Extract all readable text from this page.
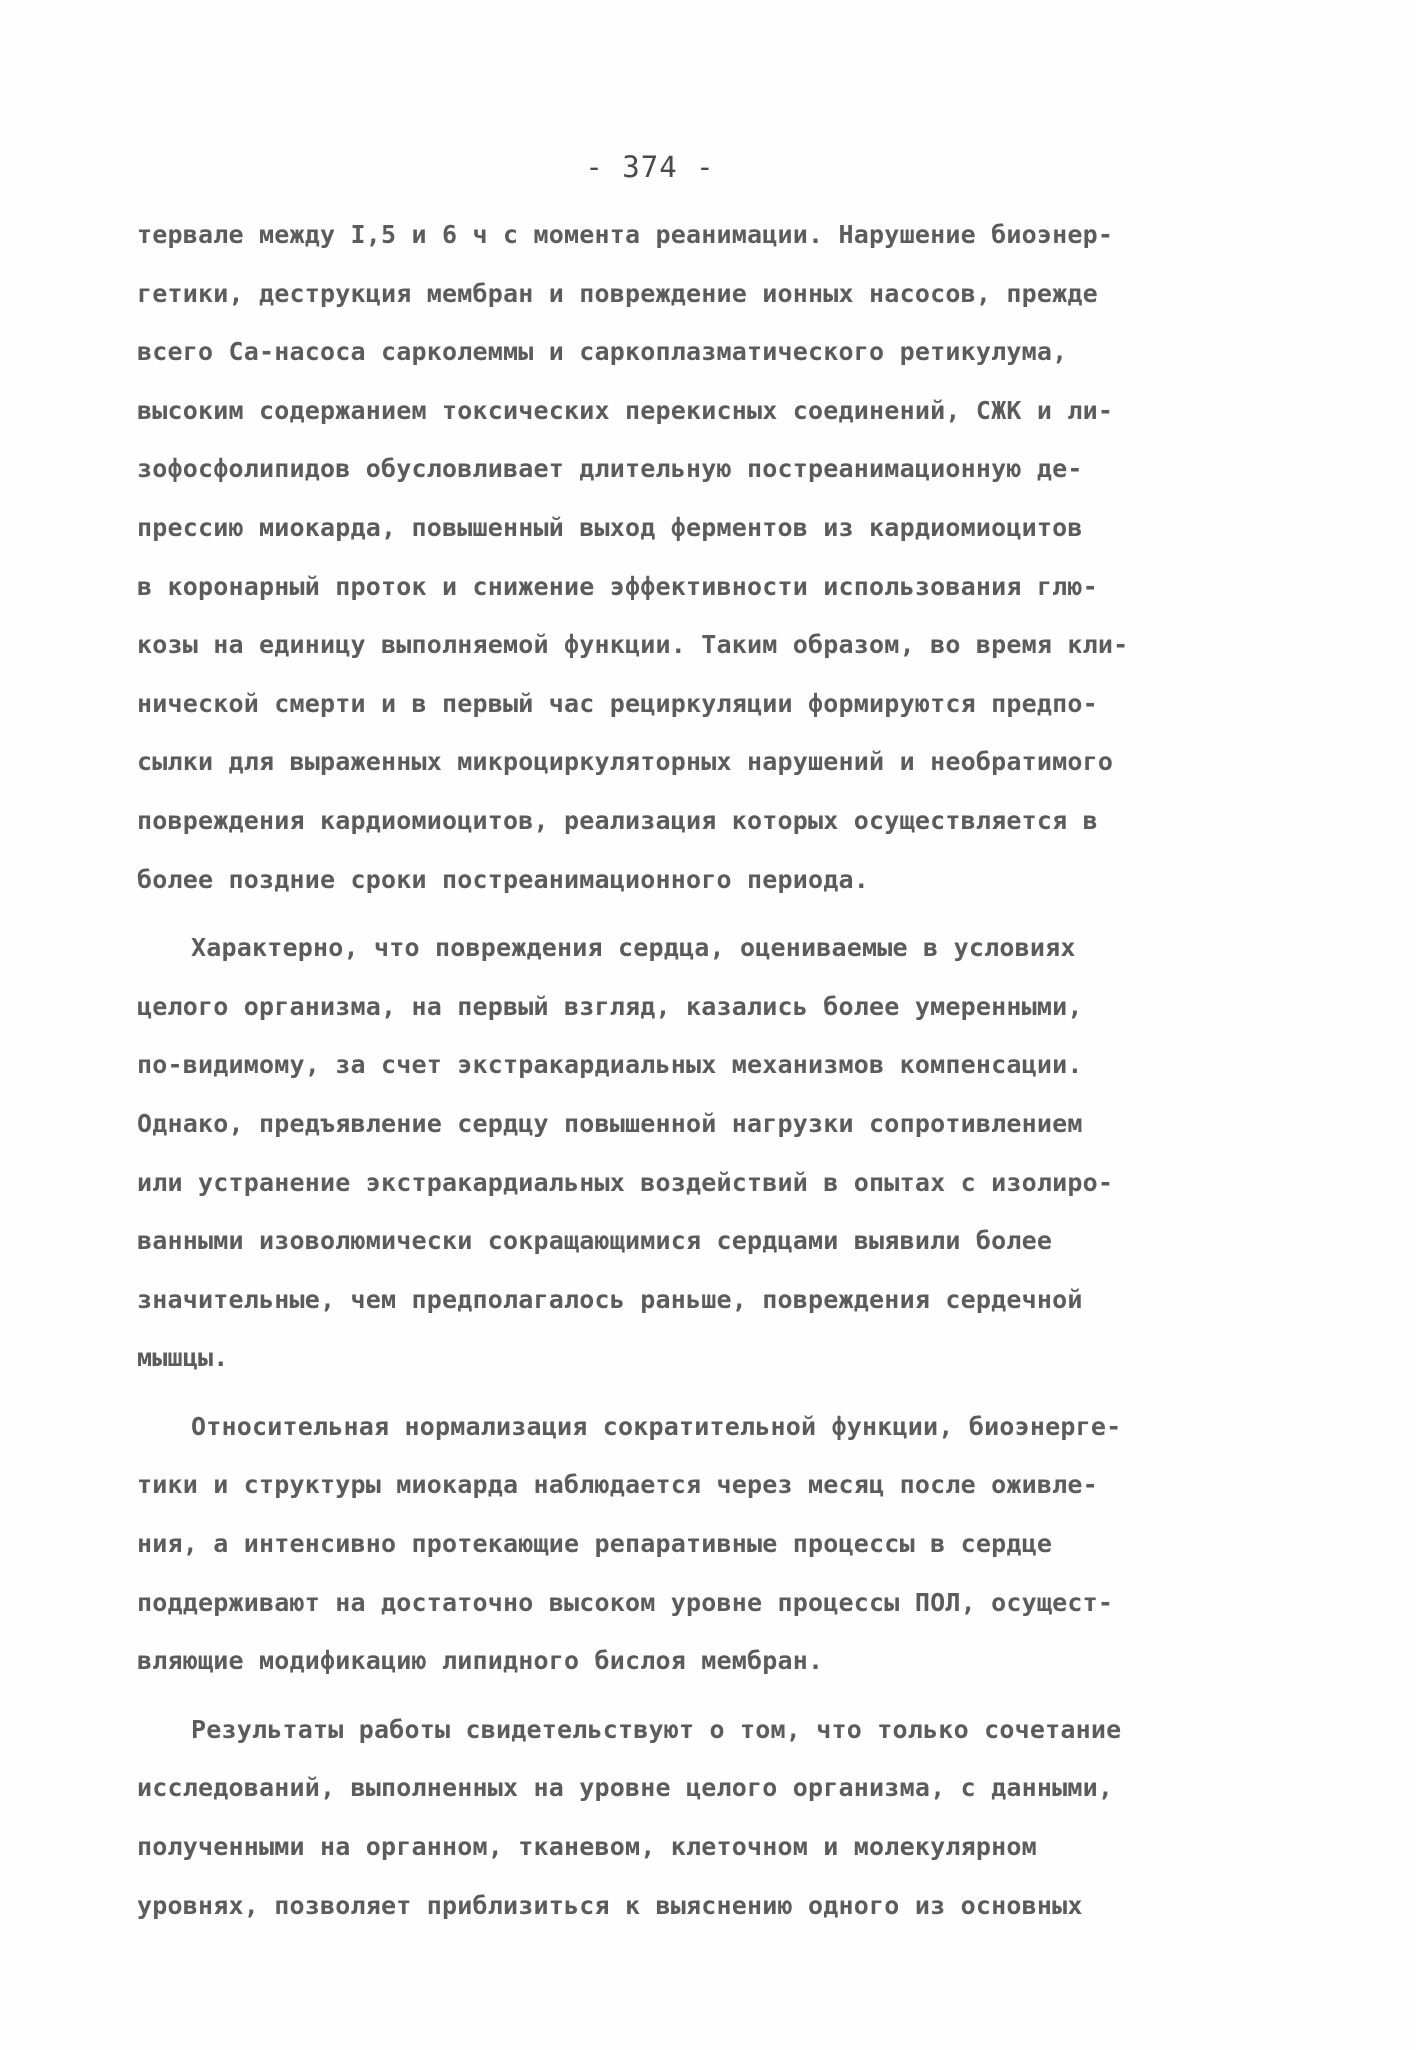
- 374 -
тервале между I,5 и 6 ч с момента реанимации. Нарушение биоэнер-
гетики, деструкция мембран и повреждение ионных насосов, прежде
всего Са-насоса сарколеммы и саркоплазматического ретикулума,
высоким содержанием токсических перекисных соединений, СЖК и ли-
зофосфолипидов обусловливает длительную постреанимационную де-
прессию миокарда, повышенный выход ферментов из кардиомиоцитов
в коронарный проток и снижение эффективности использования глю-
козы на единицу выполняемой функции. Таким образом, во время кли-
нической смерти и в первый час рециркуляции формируются предпо-
сылки для выраженных микроциркуляторных нарушений и необратимого
повреждения кардиомиоцитов, реализация которых осуществляется в
более поздние сроки постреанимационного периода.
Характерно, что повреждения сердца, оцениваемые в условиях
целого организма, на первый взгляд, казались более умеренными,
по-видимому, за счет экстракардиальных механизмов компенсации.
Однако, предъявление сердцу повышенной нагрузки сопротивлением
или устранение экстракардиальных воздействий в опытах с изолиро-
ванными изоволюмически сокращающимися сердцами выявили более
значительные, чем предполагалось раньше, повреждения сердечной
мышцы.
Относительная нормализация сократительной функции, биоэнерге-
тики и структуры миокарда наблюдается через месяц после оживле-
ния, а интенсивно протекающие репаративные процессы в сердце
поддерживают на достаточно высоком уровне процессы ПОЛ, осущест-
вляющие модификацию липидного бислоя мембран.
Результаты работы свидетельствуют о том, что только сочетание
исследований, выполненных на уровне целого организма, с данными,
полученными на органном, тканевом, клеточном и молекулярном
уровнях, позволяет приблизиться к выяснению одного из основных
